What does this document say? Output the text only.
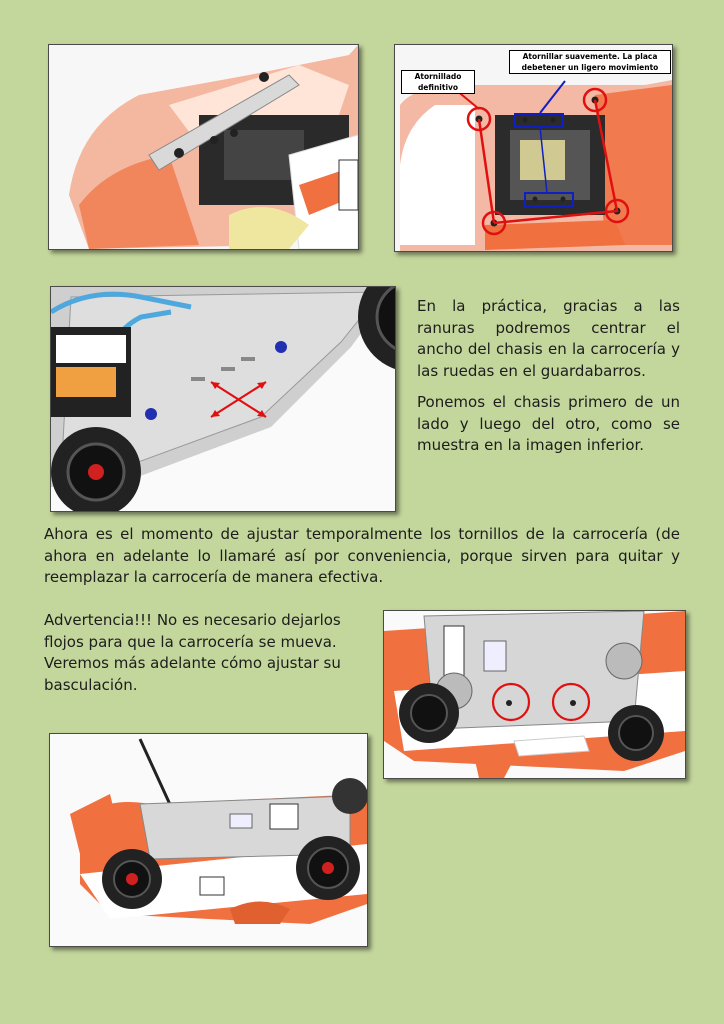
Atornillado definitivo
Atornillar suavemente. La placa debetener un ligero movimiento

En la práctica, gracias a las ranuras podremos centrar el ancho del chasis en la carrocería y las ruedas en el guardabarros.

Ponemos el chasis primero de un lado y luego del otro, como se muestra en la imagen inferior.

Ahora es el momento de ajustar temporalmente los tornillos de la carrocería (de ahora en adelante lo llamaré así por conveniencia, porque sirven para quitar y reemplazar la carrocería de manera efectiva.
Advertencia!!! No es necesario dejarlos flojos para que la carrocería se mueva. Veremos más adelante cómo ajustar su basculación.
